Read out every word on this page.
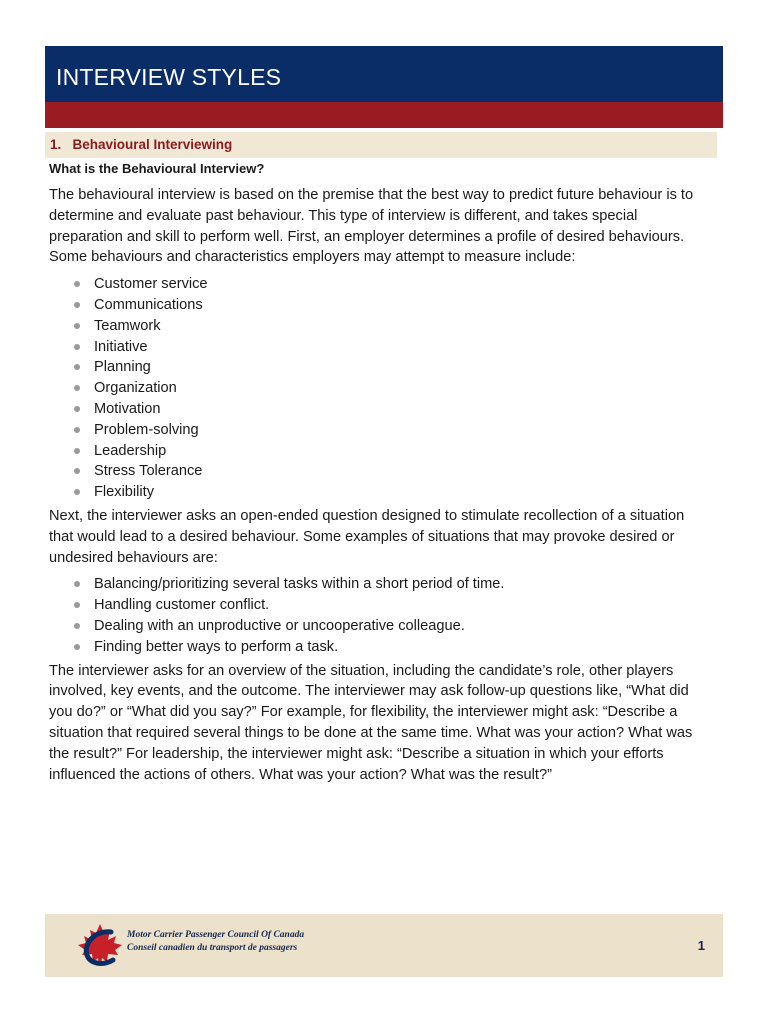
INTERVIEW STYLES
1.   Behavioural Interviewing
What is the Behavioural Interview?

The behavioural interview is based on the premise that the best way to predict future behaviour is to determine and evaluate past behaviour. This type of interview is different, and takes special preparation and skill to perform well. First, an employer determines a profile of desired behaviours. Some behaviours and characteristics employers may attempt to measure include:

Customer service
Communications
Teamwork
Initiative
Planning
Organization
Motivation
Problem-solving
Leadership
Stress Tolerance
Flexibility

Next, the interviewer asks an open-ended question designed to stimulate recollection of a situation that would lead to a desired behaviour. Some examples of situations that may provoke desired or undesired behaviours are:

Balancing/prioritizing several tasks within a short period of time.
Handling customer conflict.
Dealing with an unproductive or uncooperative colleague.
Finding better ways to perform a task.

The interviewer asks for an overview of the situation, including the candidate’s role, other players involved, key events, and the outcome. The interviewer may ask follow-up questions like, “What did you do?” or “What did you say?” For example, for flexibility, the interviewer might ask: “Describe a situation that required several things to be done at the same time. What was your action? What was the result?” For leadership, the interviewer might ask: “Describe a situation in which your efforts influenced the actions of others. What was your action? What was the result?”

Motor Carrier Passenger Council Of Canada
Conseil canadien du transport de passagers	1
